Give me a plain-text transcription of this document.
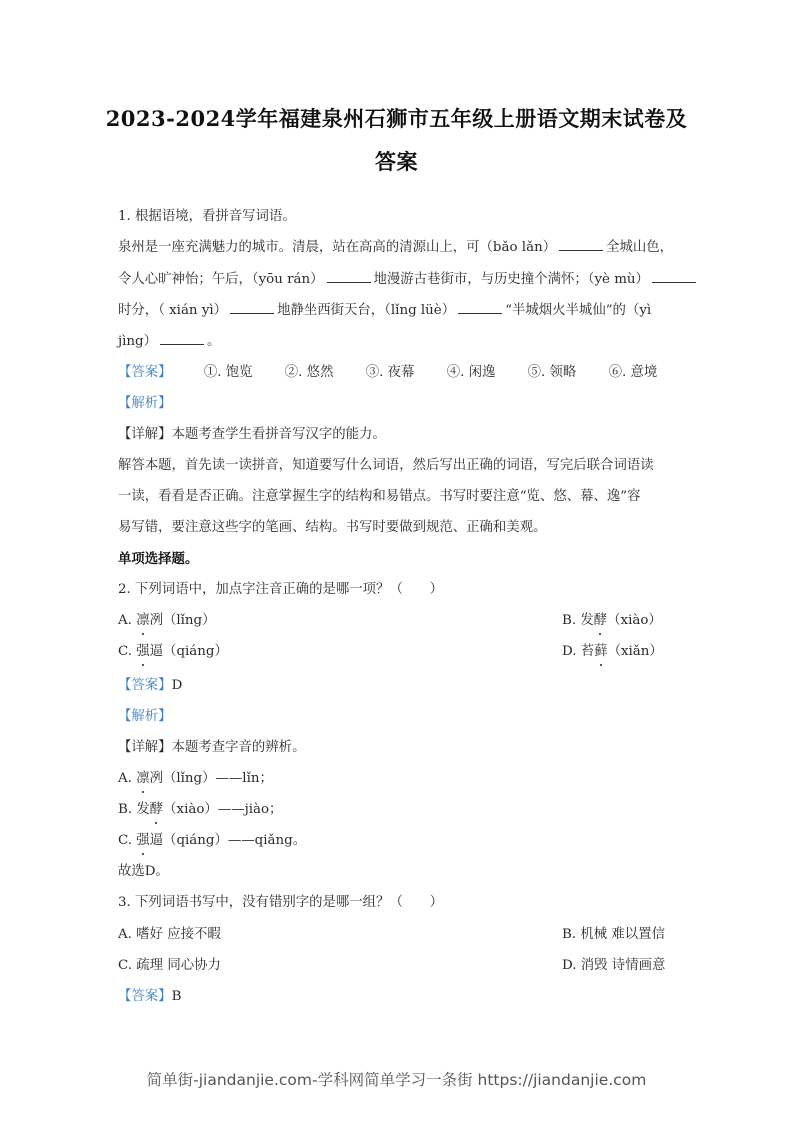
2023-2024学年福建泉州石狮市五年级上册语文期末试卷及
答案
1. 根据语境，看拼音写词语。
泉州是一座充满魅力的城市。清晨，站在高高的清源山上，可（bǎo lǎn）	全城山色，
令人心旷神怡；午后，（yōu rán）	地漫游古巷街市，与历史撞个满怀；（yè mù）
时分，（ xián yì）	地静坐西街天台，（lǐng lüè）	“半城烟火半城仙”的（yì
jìng）	。
【答案】 ①. 饱览 ②. 悠然 ③. 夜幕 ④. 闲逸 ⑤. 领略 ⑥. 意境
【解析】
【详解】本题考查学生看拼音写汉字的能力。
解答本题，首先读一读拼音，知道要写什么词语，然后写出正确的词语，写完后联合词语读
一读，看看是否正确。注意掌握生字的结构和易错点。书写时要注意“览、悠、幕、逸”容
易写错，要注意这些字的笔画、结构。书写时要做到规范、正确和美观。
单项选择题。
2. 下列词语中，加点字注音正确的是哪一项？（　　）
A. 凛冽（lǐng）	B. 发酵（xiào）
C. 强逼（qiáng）	D. 苔藓（xiǎn）
【答案】D
【解析】
【详解】本题考查字音的辨析。
A. 凛冽（lǐng）——lǐn；
B. 发酵（xiào）——jiào；
C. 强逼（qiáng）——qiǎng。
故选D。
3. 下列词语书写中，没有错别字的是哪一组？（　　）
A. 嗜好 应接不暇	B. 机械 难以置信
C. 疏理 同心协力	D. 消毁 诗情画意
【答案】B
简单街-jiandanjie.com-学科网简单学习一条街 https://jiandanjie.com
